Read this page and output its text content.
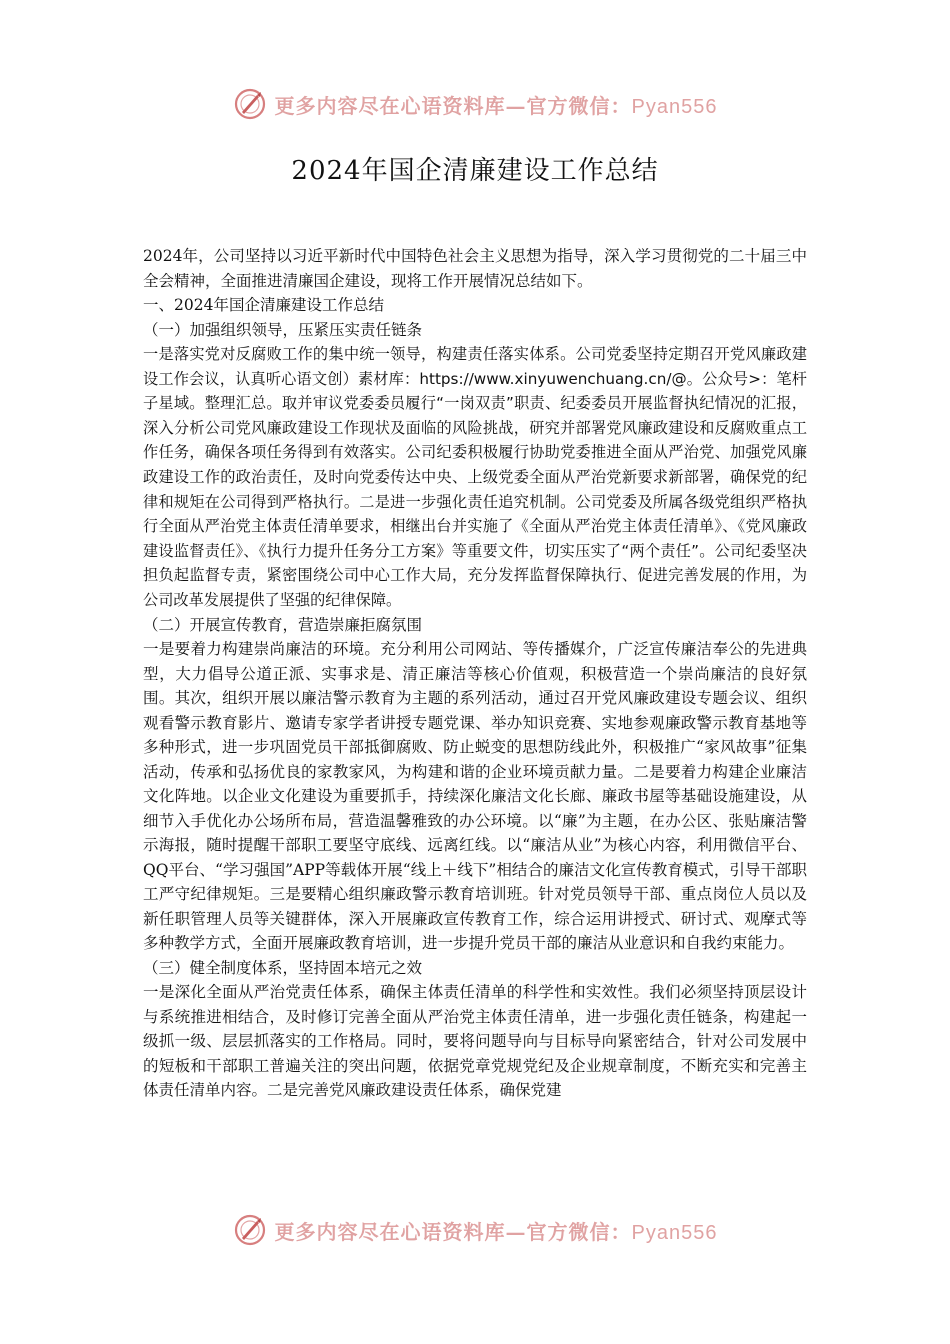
更多内容尽在心语资料库—官方微信：Pyan556
2024年国企清廉建设工作总结

2024年，公司坚持以习近平新时代中国特色社会主义思想为指导，深入学习贯彻党的二十届三中全会精神，全面推进清廉国企建设，现将工作开展情况总结如下。

一、2024年国企清廉建设工作总结

（一）加强组织领导，压紧压实责任链条

一是落实党对反腐败工作的集中统一领导，构建责任落实体系。公司党委坚持定期召开党风廉政建设工作会议，认真听心语文创）素材库：https://www.xinyuwenchuang.cn/@。公众号>：笔杆子星域。整理汇总。取并审议党委委员履行“一岗双责”职责、纪委委员开展监督执纪情况的汇报，深入分析公司党风廉政建设工作现状及面临的风险挑战，研究并部署党风廉政建设和反腐败重点工作任务，确保各项任务得到有效落实。公司纪委积极履行协助党委推进全面从严治党、加强党风廉政建设工作的政治责任，及时向党委传达中央、上级党委全面从严治党新要求新部署，确保党的纪律和规矩在公司得到严格执行。二是进一步强化责任追究机制。公司党委及所属各级党组织严格执行全面从严治党主体责任清单要求，相继出台并实施了《全面从严治党主体责任清单》、《党风廉政建设监督责任》、《执行力提升任务分工方案》等重要文件，切实压实了“两个责任”。公司纪委坚决担负起监督专责，紧密围绕公司中心工作大局，充分发挥监督保障执行、促进完善发展的作用，为公司改革发展提供了坚强的纪律保障。

（二）开展宣传教育，营造崇廉拒腐氛围

一是要着力构建崇尚廉洁的环境。充分利用公司网站、等传播媒介，广泛宣传廉洁奉公的先进典型，大力倡导公道正派、实事求是、清正廉洁等核心价值观，积极营造一个崇尚廉洁的良好氛围。其次，组织开展以廉洁警示教育为主题的系列活动，通过召开党风廉政建设专题会议、组织观看警示教育影片、邀请专家学者讲授专题党课、举办知识竞赛、实地参观廉政警示教育基地等多种形式，进一步巩固党员干部抵御腐败、防止蜕变的思想防线此外，积极推广“家风故事”征集活动，传承和弘扬优良的家教家风，为构建和谐的企业环境贡献力量。二是要着力构建企业廉洁文化阵地。以企业文化建设为重要抓手，持续深化廉洁文化长廊、廉政书屋等基础设施建设，从细节入手优化办公场所布局，营造温馨雅致的办公环境。以“廉”为主题，在办公区、张贴廉洁警示海报，随时提醒干部职工要坚守底线、远离红线。以“廉洁从业”为核心内容，利用微信平台、QQ平台、“学习强国”APP等载体开展“线上＋线下”相结合的廉洁文化宣传教育模式，引导干部职工严守纪律规矩。三是要精心组织廉政警示教育培训班。针对党员领导干部、重点岗位人员以及新任职管理人员等关键群体，深入开展廉政宣传教育工作，综合运用讲授式、研讨式、观摩式等多种教学方式，全面开展廉政教育培训，进一步提升党员干部的廉洁从业意识和自我约束能力。

（三）健全制度体系，坚持固本培元之效

一是深化全面从严治党责任体系，确保主体责任清单的科学性和实效性。我们必须坚持顶层设计与系统推进相结合，及时修订完善全面从严治党主体责任清单，进一步强化责任链条，构建起一级抓一级、层层抓落实的工作格局。同时，要将问题导向与目标导向紧密结合，针对公司发展中的短板和干部职工普遍关注的突出问题，依据党章党规党纪及企业规章制度，不断充实和完善主体责任清单内容。二是完善党风廉政建设责任体系，确保党建

更多内容尽在心语资料库—官方微信：Pyan556
